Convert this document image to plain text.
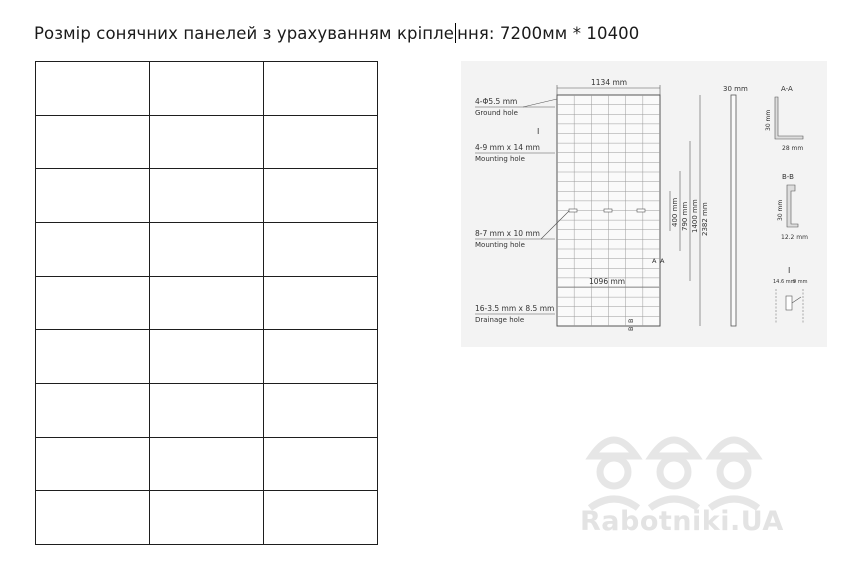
Розмір сонячних панелей з урахуванням кріпле ння: 7200мм * 10400

1134 mm
1096 mm
2382 mm
1400 mm
790 mm
400 mm
A A
B
B
4-Φ5.5 mm
Ground hole
I
4-9 mm x 14 mm
Mounting hole
8-7 mm x 10 mm
Mounting hole
16-3.5 mm x 8.5 mm
Drainage hole
30 mm	A-A
30 mm
28 mm
B-B
30 mm
12.2 mm
I
14.6 mm
9 mm
Rabotniki.UA
